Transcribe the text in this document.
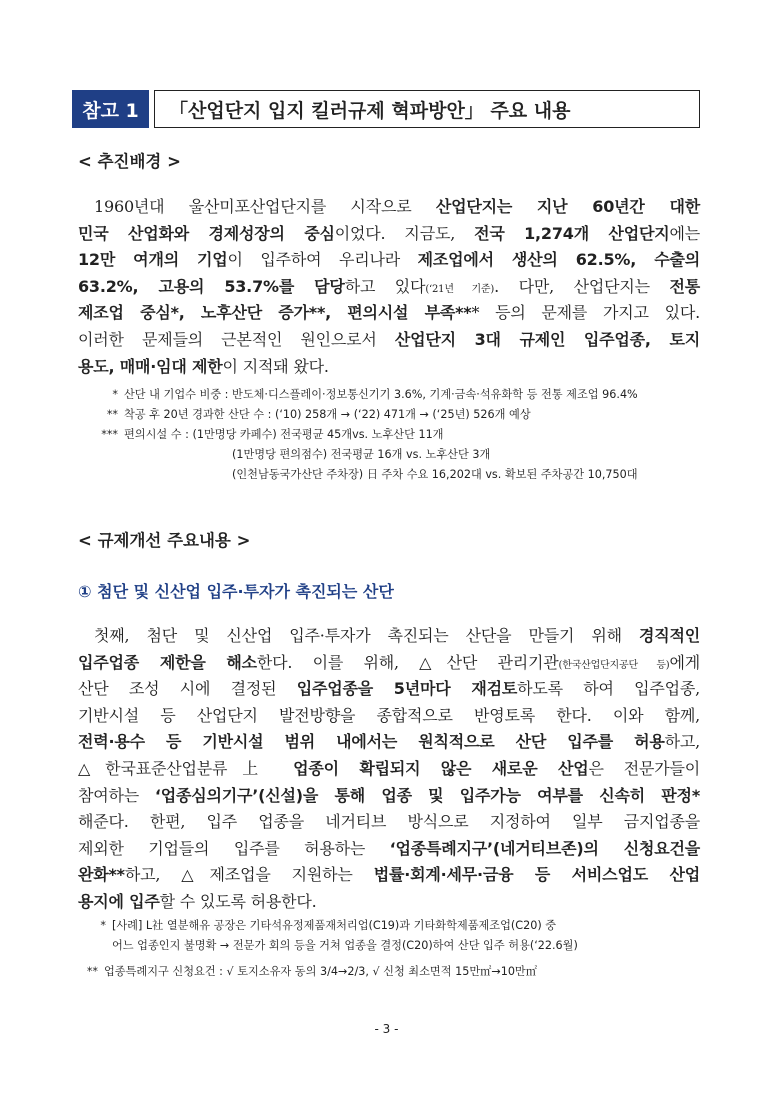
참고 1	「산업단지 입지 킬러규제 혁파방안」 주요 내용
< 추진배경 >
1960년대 울산미포산업단지를 시작으로 산업단지는 지난 60년간 대한
민국 산업화와 경제성장의 중심이었다. 지금도, 전국 1,274개 산업단지에는
12만 여개의 기업이 입주하여 우리나라 제조업에서 생산의 62.5%, 수출의
63.2%, 고용의 53.7%를 담당하고 있다(‘21년 기준). 다만, 산업단지는 전통
제조업 중심*, 노후산단 증가**, 편의시설 부족*** 등의 문제를 가지고 있다.
이러한 문제들의 근본적인 원인으로서 산업단지 3대 규제인 입주업종, 토지
용도, 매매·임대 제한이 지적돼 왔다.
* 산단 내 기업수 비중 : 반도체·디스플레이·정보통신기기 3.6%, 기계·금속·석유화학 등 전통 제조업 96.4%
** 착공 후 20년 경과한 산단 수 : (‘10) 258개 → (‘22) 471개 → (‘25년) 526개 예상
*** 편의시설 수 : (1만명당 카페수) 전국평균 45개vs. 노후산단 11개
(1만명당 편의점수) 전국평균 16개 vs. 노후산단 3개
(인천남동국가산단 주차장) 日 주차 수요 16,202대 vs. 확보된 주차공간 10,750대
< 규제개선 주요내용 >
① 첨단 및 신산업 입주·투자가 촉진되는 산단
첫째, 첨단 및 신산업 입주·투자가 촉진되는 산단을 만들기 위해 경직적인
입주업종 제한을 해소한다. 이를 위해, △산단 관리기관(한국산업단지공단 등)에게
산단 조성 시에 결정된 입주업종을 5년마다 재검토하도록 하여 입주업종,
기반시설 등 산업단지 발전방향을 종합적으로 반영토록 한다. 이와 함께,
전력·용수 등 기반시설 범위 내에서는 원칙적으로 산단 입주를 허용하고,
△한국표준산업분류上 업종이 확립되지 않은 새로운 산업은 전문가들이
참여하는 ‘업종심의기구’(신설)을 통해 업종 및 입주가능 여부를 신속히 판정*
해준다. 한편, 입주 업종을 네거티브 방식으로 지정하여 일부 금지업종을
제외한 기업들의 입주를 허용하는 ‘업종특례지구’(네거티브존)의 신청요건을
완화**하고, △제조업을 지원하는 법률·회계·세무·금융 등 서비스업도 산업
용지에 입주할 수 있도록 허용한다.
* [사례] L社 열분해유 공장은 기타석유정제품재처리업(C19)과 기타화학제품제조업(C20) 중
어느 업종인지 불명확 → 전문가 회의 등을 거쳐 업종을 결정(C20)하여 산단 입주 허용(‘22.6월)
** 업종특례지구 신청요건 : √ 토지소유자 동의 3/4→2/3, √ 신청 최소면적 15만㎡→10만㎡
- 3 -
